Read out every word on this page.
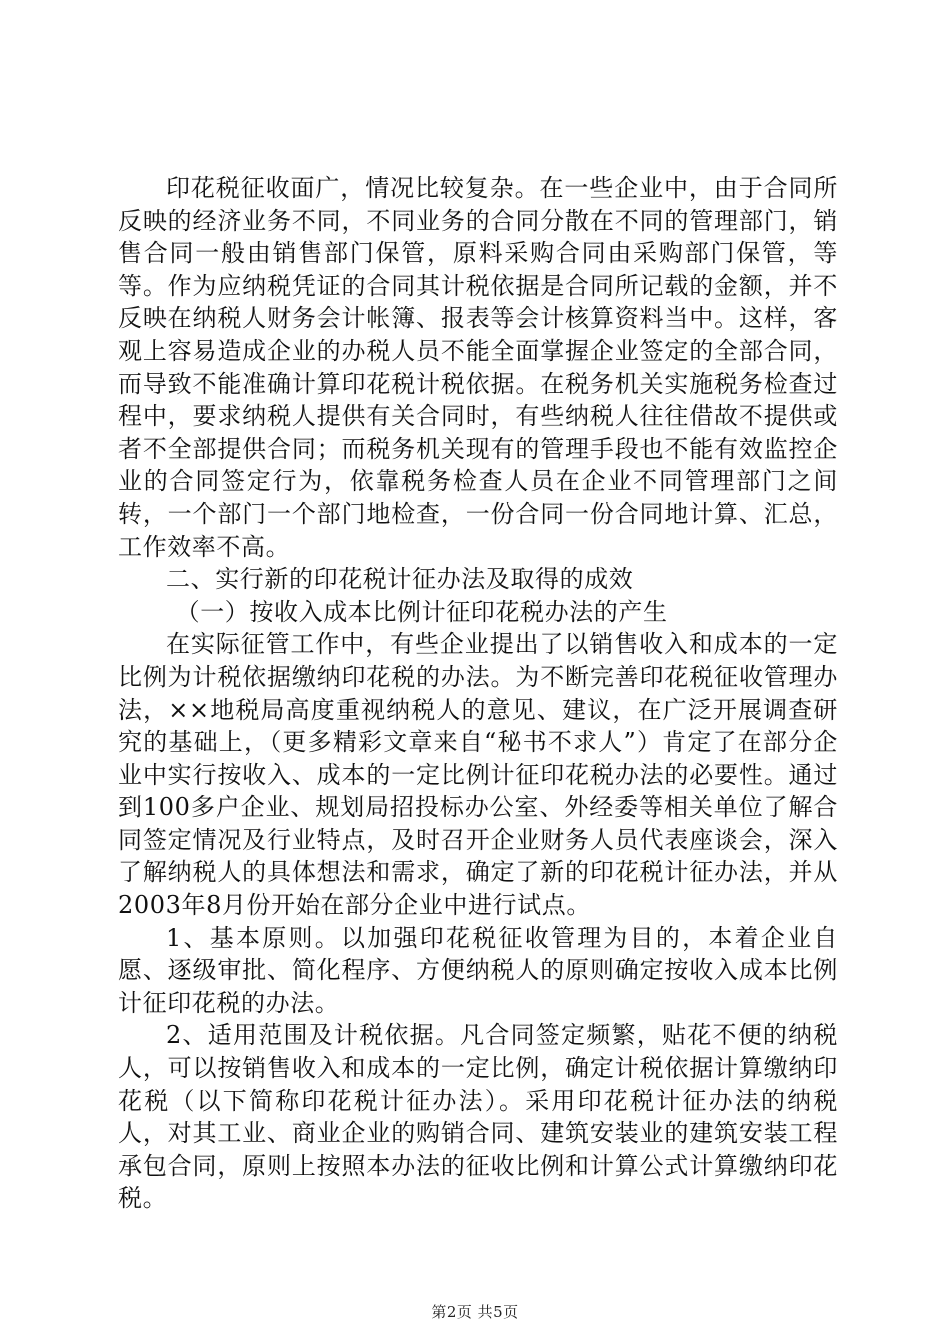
印花税征收面广，情况比较复杂。在一些企业中，由于合同所反映的经济业务不同，不同业务的合同分散在不同的管理部门，销售合同一般由销售部门保管，原料采购合同由采购部门保管，等等。作为应纳税凭证的合同其计税依据是合同所记载的金额，并不反映在纳税人财务会计帐簿、报表等会计核算资料当中。这样，客观上容易造成企业的办税人员不能全面掌握企业签定的全部合同，而导致不能准确计算印花税计税依据。在税务机关实施税务检查过程中，要求纳税人提供有关合同时，有些纳税人往往借故不提供或者不全部提供合同；而税务机关现有的管理手段也不能有效监控企业的合同签定行为，依靠税务检查人员在企业不同管理部门之间转，一个部门一个部门地检查，一份合同一份合同地计算、汇总，工作效率不高。

二、实行新的印花税计征办法及取得的成效

（一）按收入成本比例计征印花税办法的产生

在实际征管工作中，有些企业提出了以销售收入和成本的一定比例为计税依据缴纳印花税的办法。为不断完善印花税征收管理办法，××地税局高度重视纳税人的意见、建议，在广泛开展调查研究的基础上，（更多精彩文章来自“秘书不求人”）肯定了在部分企业中实行按收入、成本的一定比例计征印花税办法的必要性。通过到100多户企业、规划局招投标办公室、外经委等相关单位了解合同签定情况及行业特点，及时召开企业财务人员代表座谈会，深入了解纳税人的具体想法和需求，确定了新的印花税计征办法，并从2003年8月份开始在部分企业中进行试点。

1、基本原则。以加强印花税征收管理为目的，本着企业自愿、逐级审批、简化程序、方便纳税人的原则确定按收入成本比例计征印花税的办法。

2、适用范围及计税依据。凡合同签定频繁，贴花不便的纳税人，可以按销售收入和成本的一定比例，确定计税依据计算缴纳印花税（以下简称印花税计征办法）。采用印花税计征办法的纳税人，对其工业、商业企业的购销合同、建筑安装业的建筑安装工程承包合同，原则上按照本办法的征收比例和计算公式计算缴纳印花税。

第2页 共5页
